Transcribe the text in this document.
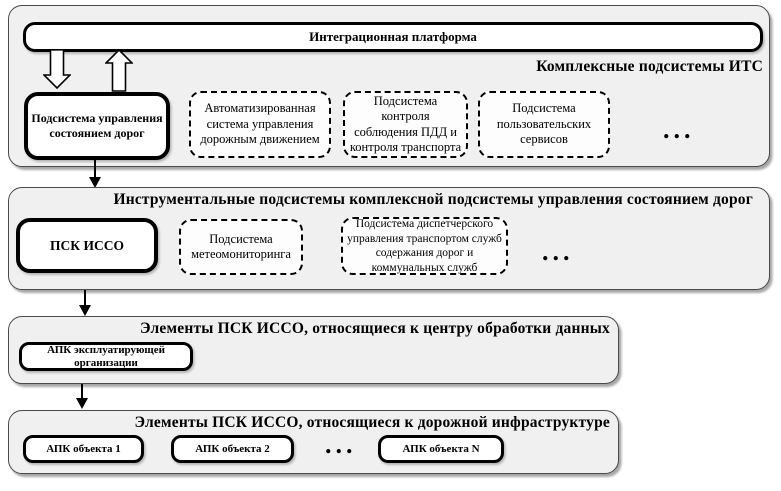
Интеграционная платформа
Комплексные подсистемы ИТС
Подсистема управления состоянием дорог
Автоматизированная система управления дорожным движением
Подсистема контроля соблюдения ПДД и контроля транспорта
Подсистема пользовательских сервисов	...
Инструментальные подсистемы комплексной подсистемы управления состоянием дорог
ПСК ИССО	Подсистема метеомониторинга
Подсистема диспетчерского управления транспортом служб содержания дорог и коммунальных служб
...
Элементы ПСК ИССО, относящиеся к центру обработки данных
АПК эксплуатирующей организации
Элементы ПСК ИССО, относящиеся к дорожной инфраструктуре
АПК объекта 1	АПК объекта 2	...	АПК объекта N
